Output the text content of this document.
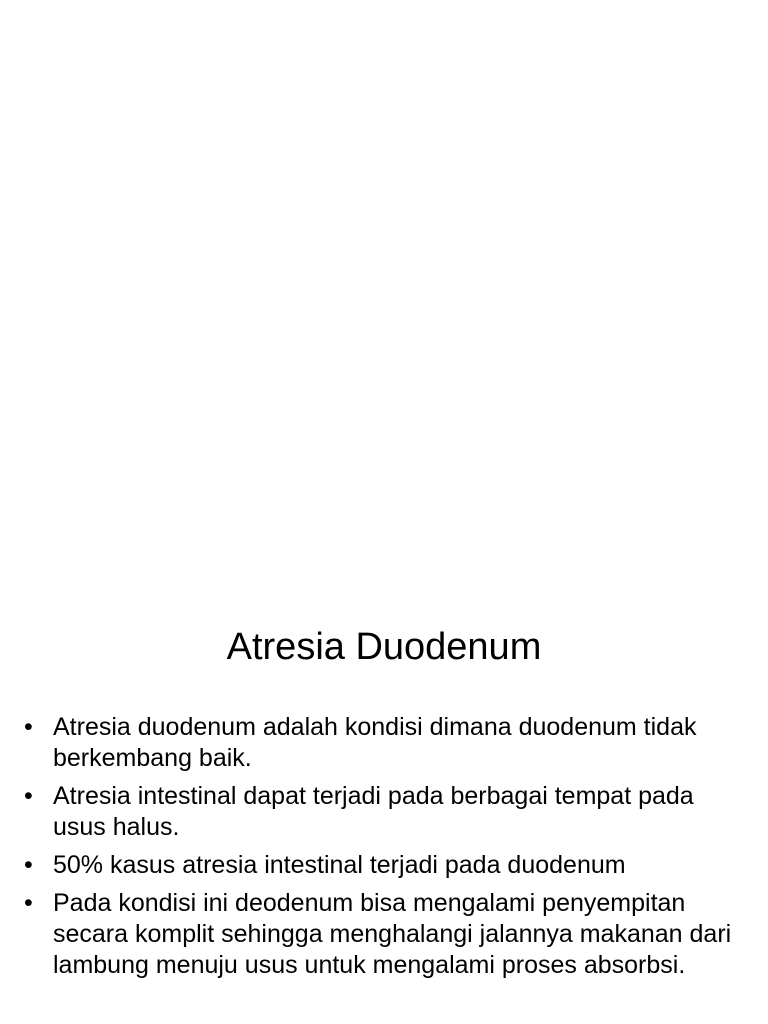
Atresia Duodenum
• Atresia duodenum adalah kondisi dimana duodenum tidak berkembang baik.
• Atresia intestinal dapat terjadi pada berbagai tempat pada usus halus.
• 50% kasus atresia intestinal terjadi pada duodenum
• Pada kondisi ini deodenum bisa mengalami penyempitan secara komplit sehingga menghalangi jalannya makanan dari lambung menuju usus untuk mengalami proses absorbsi.
